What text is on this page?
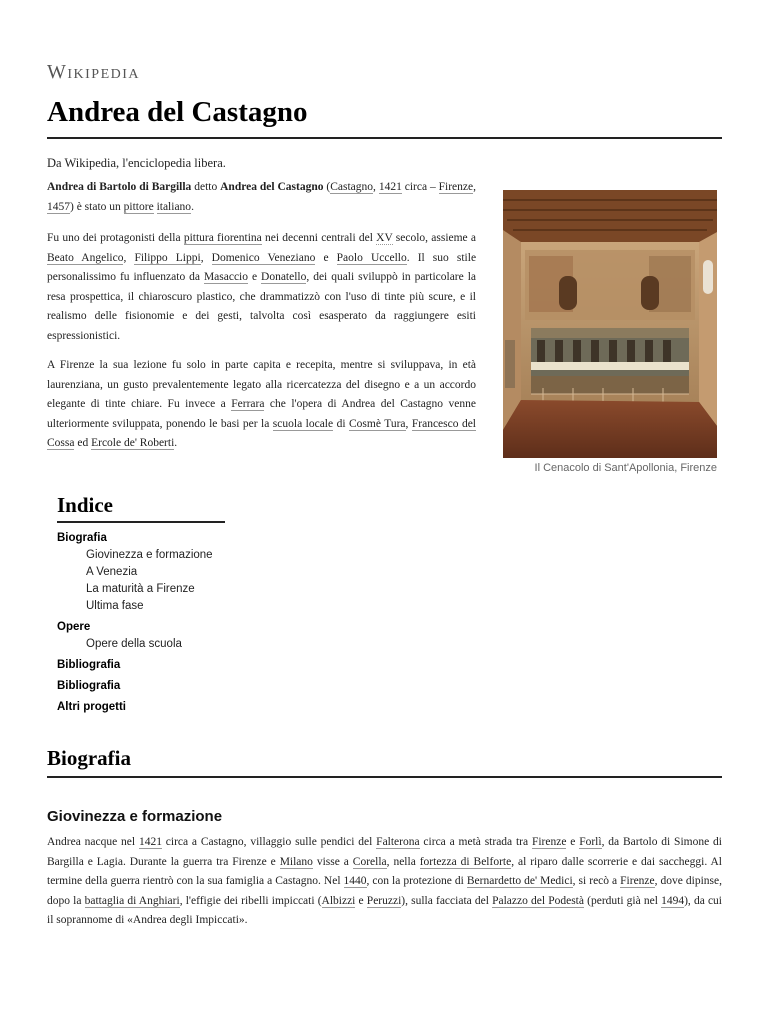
Wikipedia
Andrea del Castagno
Da Wikipedia, l'enciclopedia libera.
Andrea di Bartolo di Bargilla detto Andrea del Castagno (Castagno, 1421 circa – Firenze, 1457) è stato un pittore italiano.
Fu uno dei protagonisti della pittura fiorentina nei decenni centrali del XV secolo, assieme a Beato Angelico, Filippo Lippi, Domenico Veneziano e Paolo Uccello. Il suo stile personalissimo fu influenzato da Masaccio e Donatello, dei quali sviluppò in particolare la resa prospettica, il chiaroscuro plastico, che drammatizzò con l'uso di tinte più scure, e il realismo delle fisionomie e dei gesti, talvolta così esasperato da raggiungere esiti espressionistici.
A Firenze la sua lezione fu solo in parte capita e recepita, mentre si sviluppava, in età laurenziana, un gusto prevalentemente legato alla ricercatezza del disegno e a un accordo elegante di tinte chiare. Fu invece a Ferrara che l'opera di Andrea del Castagno venne ulteriormente sviluppata, ponendo le basi per la scuola locale di Cosmè Tura, Francesco del Cossa ed Ercole de' Roberti.
Il Cenacolo di Sant'Apollonia, Firenze
Indice
Biografia
Giovinezza e formazione
A Venezia
La maturità a Firenze
Ultima fase
Opere
Opere della scuola
Bibliografia
Bibliografia
Altri progetti
Biografia
Giovinezza e formazione
Andrea nacque nel 1421 circa a Castagno, villaggio sulle pendici del Falterona circa a metà strada tra Firenze e Forlì, da Bartolo di Simone di Bargilla e Lagia. Durante la guerra tra Firenze e Milano visse a Corella, nella fortezza di Belforte, al riparo dalle scorrerie e dai saccheggi. Al termine della guerra rientrò con la sua famiglia a Castagno. Nel 1440, con la protezione di Bernardetto de' Medici, si recò a Firenze, dove dipinse, dopo la battaglia di Anghiari, l'effigie dei ribelli impiccati (Albizzi e Peruzzi), sulla facciata del Palazzo del Podestà (perduti già nel 1494), da cui il soprannome di «Andrea degli Impiccati».
